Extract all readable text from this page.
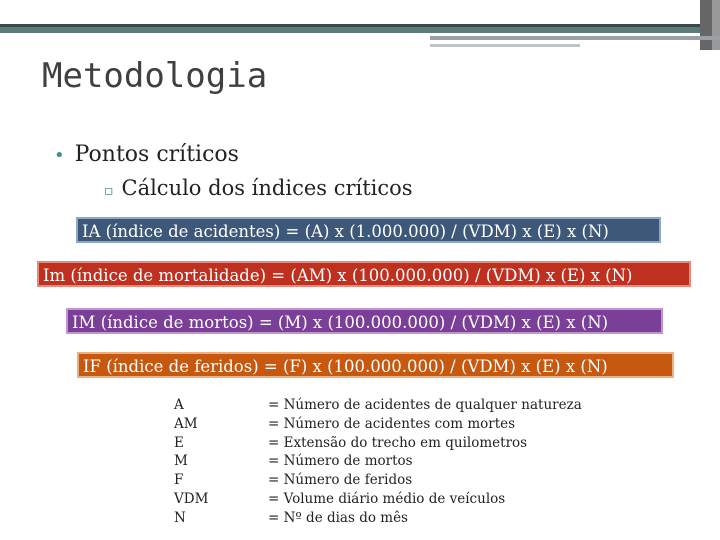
Metodologia
• Pontos críticos
▫ Cálculo dos índices críticos
IA (índice de acidentes) = (A) x (1.000.000) / (VDM) x (E) x (N)
Im (índice de mortalidade) = (AM) x (100.000.000) / (VDM) x (E) x (N)
IM (índice de mortos) = (M) x (100.000.000) / (VDM) x (E) x (N)
IF (índice de feridos) = (F) x (100.000.000) / (VDM) x (E) x (N)
A
AM
E
M
F
VDM
N
= Número de acidentes de qualquer natureza
= Número de acidentes com mortes
= Extensão do trecho em quilometros
= Número de mortos
= Número de feridos
= Volume diário médio de veículos
= Nº de dias do mês
